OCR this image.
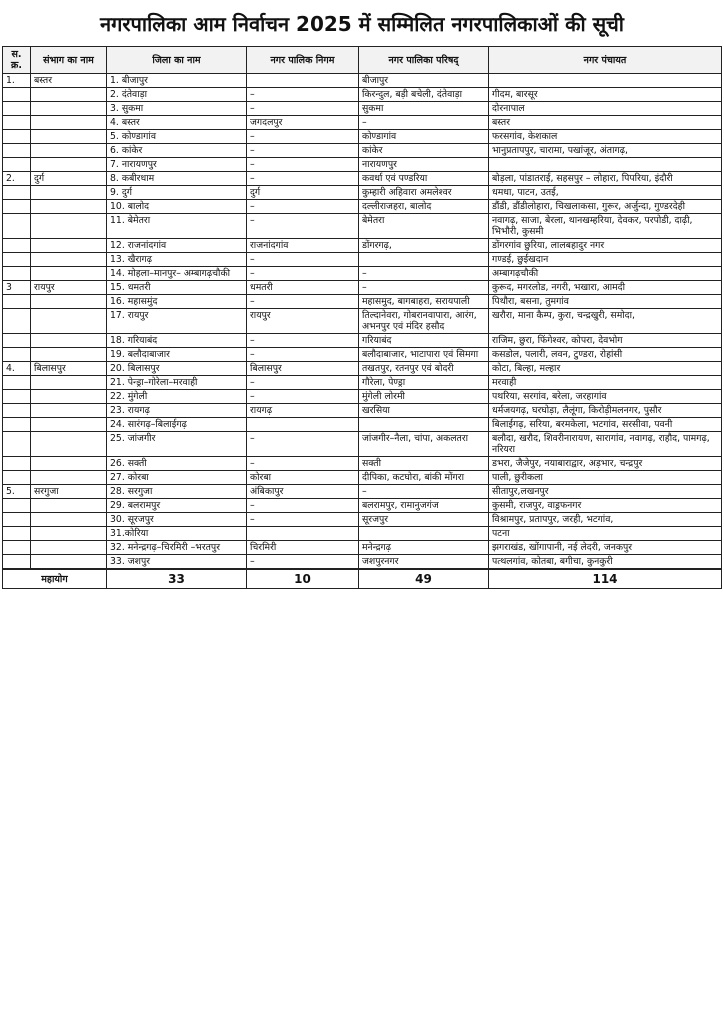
नगरपालिका आम निर्वाचन 2025 में सम्मिलित नगरपालिकाओं की सूची
स. क्र.	संभाग का नाम	जिला का नाम	नगर पालिक निगम	नगर पालिका परिषद्	नगर पंचायत
1.	बस्तर	1. बीजापुर		बीजापुर	
		2. दंतेवाड़ा	–	किरन्दुल, बड़ी बचेली, दंतेवाड़ा	गीदम, बारसूर
		3. सुकमा	–	सुकमा	दोरनापाल
		4. बस्तर	जगदलपुर	–	बस्तर
		5. कोण्डागांव	–	कोण्डागांव	फरसगांव, केशकाल
		6. कांकेर	–	कांकेर	भानुप्रतापपुर, चारामा, पखांजूर, अंतागढ़,
		7. नारायणपुर	–	नारायणपुर	
2.	दुर्ग	8. कबीरधाम	–	कवर्धा एवं पण्डरिया	बोड़ला, पांडातराई, सहसपुर – लोहारा, पिपरिया, इंदौरी
		9. दुर्ग	दुर्ग	कुम्हारी अहिवारा अमलेश्वर	धमधा, पाटन, उतई,
		10. बालोद	–	दल्लीराजहरा, बालोद	डौंडी, डौंडीलोहारा, चिखलाकसा, गुरूर, अर्जुन्दा, गुण्डरदेही
		11. बेमेतरा	–	बेमेतरा	नवागढ़, साजा, बेरला, थानखम्हरिया, देवकर, परपोडी, दाढ़ी, भिभौरी, कुसमी
		12. राजनांदगांव	राजनांदगांव	डोंगरगढ़,	डोंगरगांव छुरिया, लालबहादुर नगर
		13. खैरागढ़	–		गण्डई, छुईखदान
		14. मोहला–मानपुर– अम्बागढ़चौकी	–	–	अम्बागढ़चौकी
3	रायपुर	15. धमतरी	धमतरी	–	कुरूद, मगरलोड, नगरी, भखारा, आमदी
		16. महासमुंद	–	महासमुद, बागबाहरा, सरायपाली	पिथौरा, बसना, तुमगांव
		17. रायपुर	रायपुर	तिल्दानेवरा, गोबरानवापारा, आरंग, अभनपुर एवं मंदिर हसौद	खरौरा, माना कैम्प, कुरा, चन्द्रखुरी, समोदा,
		18. गरियाबंद	–	गरियाबंद	राजिम, छुरा, फिंगेश्वर, कोपरा, देवभोग
		19. बलौदाबाजार	–	बलौदाबाजार, भाटापारा एवं सिमगा	कसडोल, पलारी, लवन, टुण्डरा, रोहांसी
4.	बिलासपुर	20. बिलासपुर	बिलासपुर	तखतपुर, रतनपुर एवं बोदरी	कोटा, बिल्हा, मल्हार
		21. पेन्ड्रा–गोरेला–मरवाही	–	गौरेला, पेण्ड्रा	मरवाही
		22. मुंगेली	–	मुंगेली लोरमी	पथरिया, सरगांव, बरेला, जरहागांव
		23. रायगढ़	रायगढ़	खरसिया	धर्मजयगढ़, घरघोड़ा, लैलूंगा, किरोड़ीमलनगर, पुसौर
		24. सारंगढ़–बिलाईगढ़			बिलाईगढ़, सरिया, बरमकेला, भटगांव, सरसीवा, पवनी
		25. जांजगीर	–	जांजगीर–नैला, चांपा, अकलतरा	बलौदा, खरौद, शिवरीनारायण, सारागांव, नवागढ़, राहौद, पामगढ़, नरियरा
		26. सक्ती	–	सक्ती	डभरा, जैजेपुर, नयाबाराद्वार, अड़भार, चन्द्रपुर
		27. कोरबा	कोरबा	दीपिका, कटघोरा, बांकी मोंगरा	पाली, छुरीकला
5.	सरगुजा	28. सरगुजा	अंबिकापुर	–	सीतापुर,लखनपुर
		29. बलरामपुर	–	बलरामपुर, रामानुजगंज	कुसमी, राजपुर, वाड्रफनगर
		30. सूरजपुर	–	सूरजपुर	विश्रामपुर, प्रतापपुर, जरही, भटगांव,
		31.कोरिया			पटना
		32. मनेन्द्रगढ़–चिरमिरी –भरतपुर	चिरमिरी	मनेन्द्रगढ़	झगराखंड, खोंगापानी, नई लेदरी, जनकपुर
		33. जशपुर	–	जशपुरनगर	पत्थलगांव, कोतबा, बगीचा, कुनकुरी
महायोग		33	10	49	114
